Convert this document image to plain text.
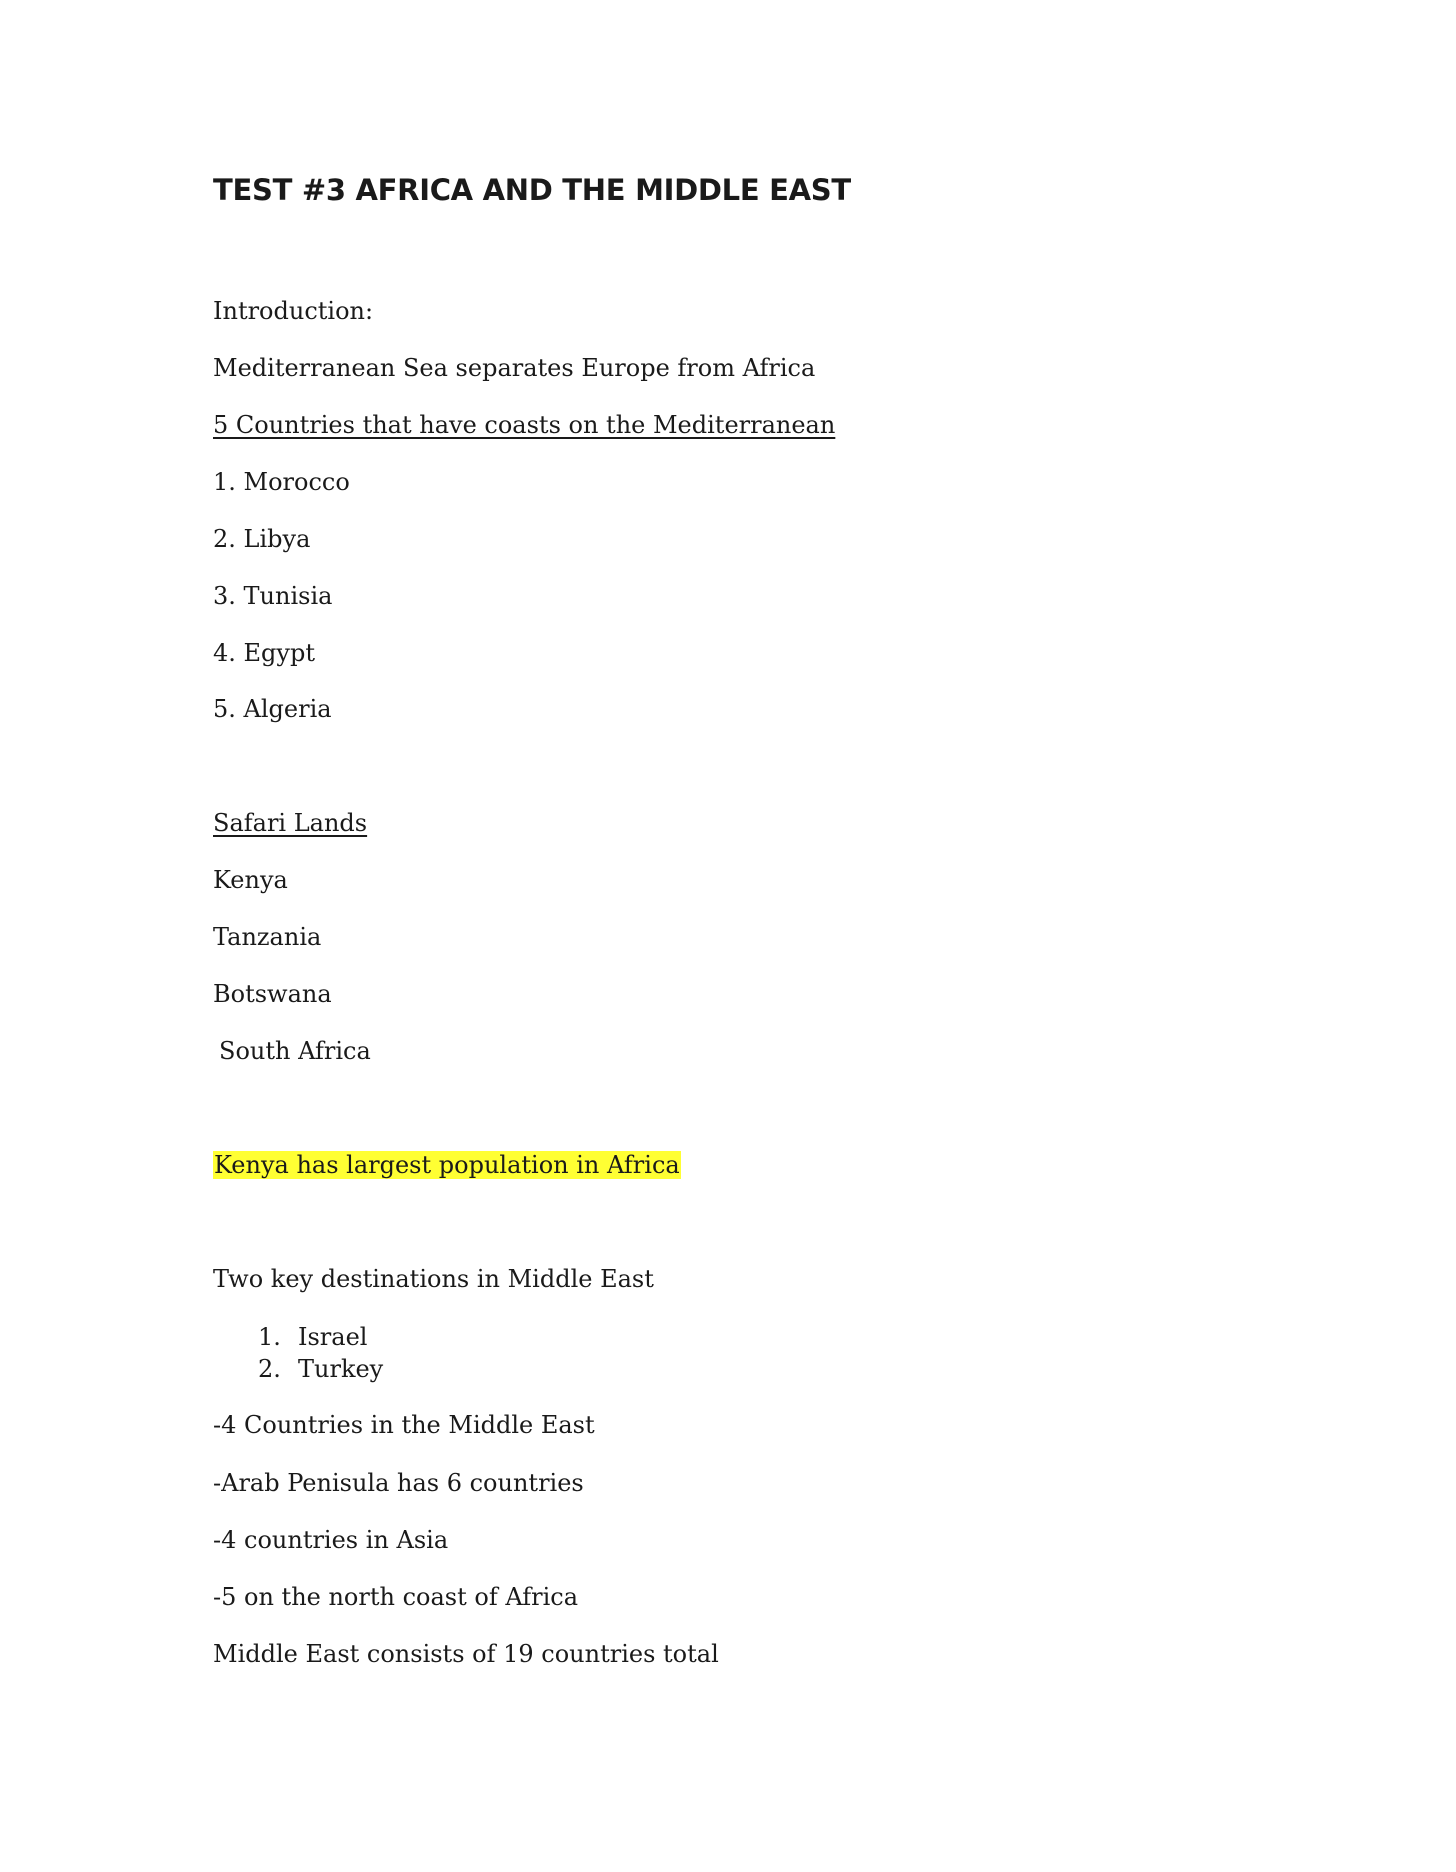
TEST #3 AFRICA AND THE MIDDLE EAST
Introduction:
Mediterranean Sea separates Europe from Africa
5 Countries that have coasts on the Mediterranean
1. Morocco
2. Libya
3. Tunisia
4. Egypt
5. Algeria
Safari Lands
Kenya
Tanzania
Botswana
South Africa
Kenya has largest population in Africa
Two key destinations in Middle East
1. Israel
2. Turkey
-4 Countries in the Middle East
-Arab Penisula has 6 countries
-4 countries in Asia
-5 on the north coast of Africa
Middle East consists of 19 countries total
